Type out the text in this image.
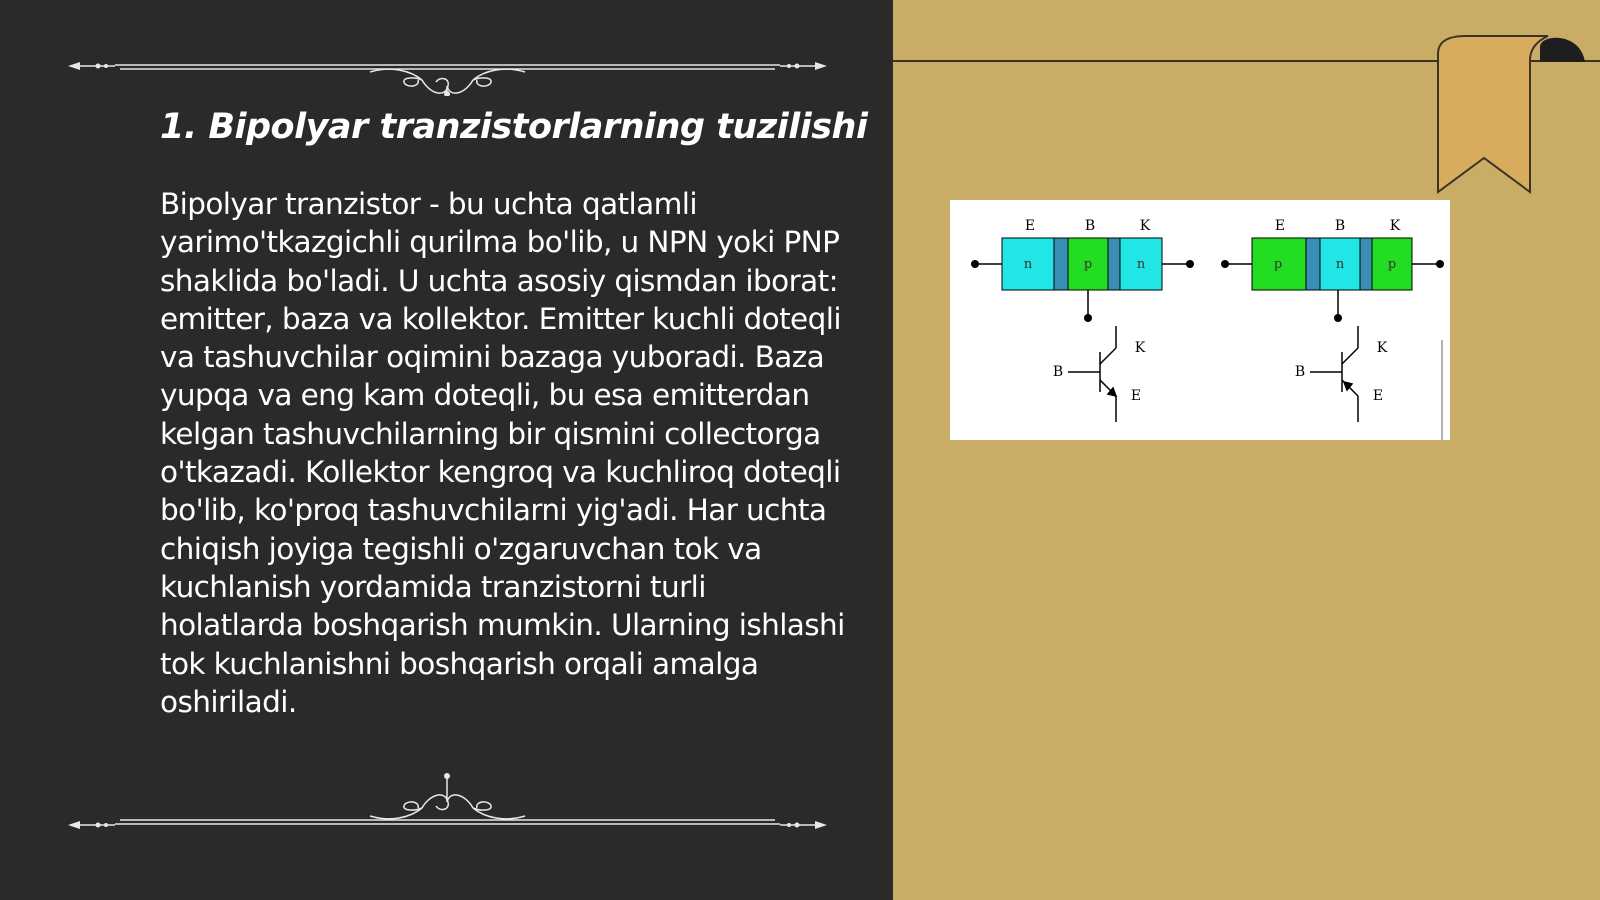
1. Bipolyar tranzistorlarning tuzilishi

Bipolyar tranzistor - bu uchta qatlamli yarimo'tkazgichli qurilma bo'lib, u NPN yoki PNP shaklida bo'ladi. U uchta asosiy qismdan iborat: emitter, baza va kollektor. Emitter kuchli doteqli va tashuvchilar oqimini bazaga yuboradi. Baza yupqa va eng kam doteqli, bu esa emitterdan kelgan tashuvchilarning bir qismini collectorga o'tkazadi. Kollektor kengroq va kuchliroq doteqli bo'lib, ko'proq tashuvchilarni yig'adi. Har uchta chiqish joyiga tegishli o'zgaruvchan tok va kuchlanish yordamida tranzistorni turli holatlarda boshqarish mumkin. Ularning ishlashi tok kuchlanishni boshqarish orqali amalga oshiriladi.

n	p	n
E	B	K
B
K
E
p	n	p
E	B	K
B
K
E
